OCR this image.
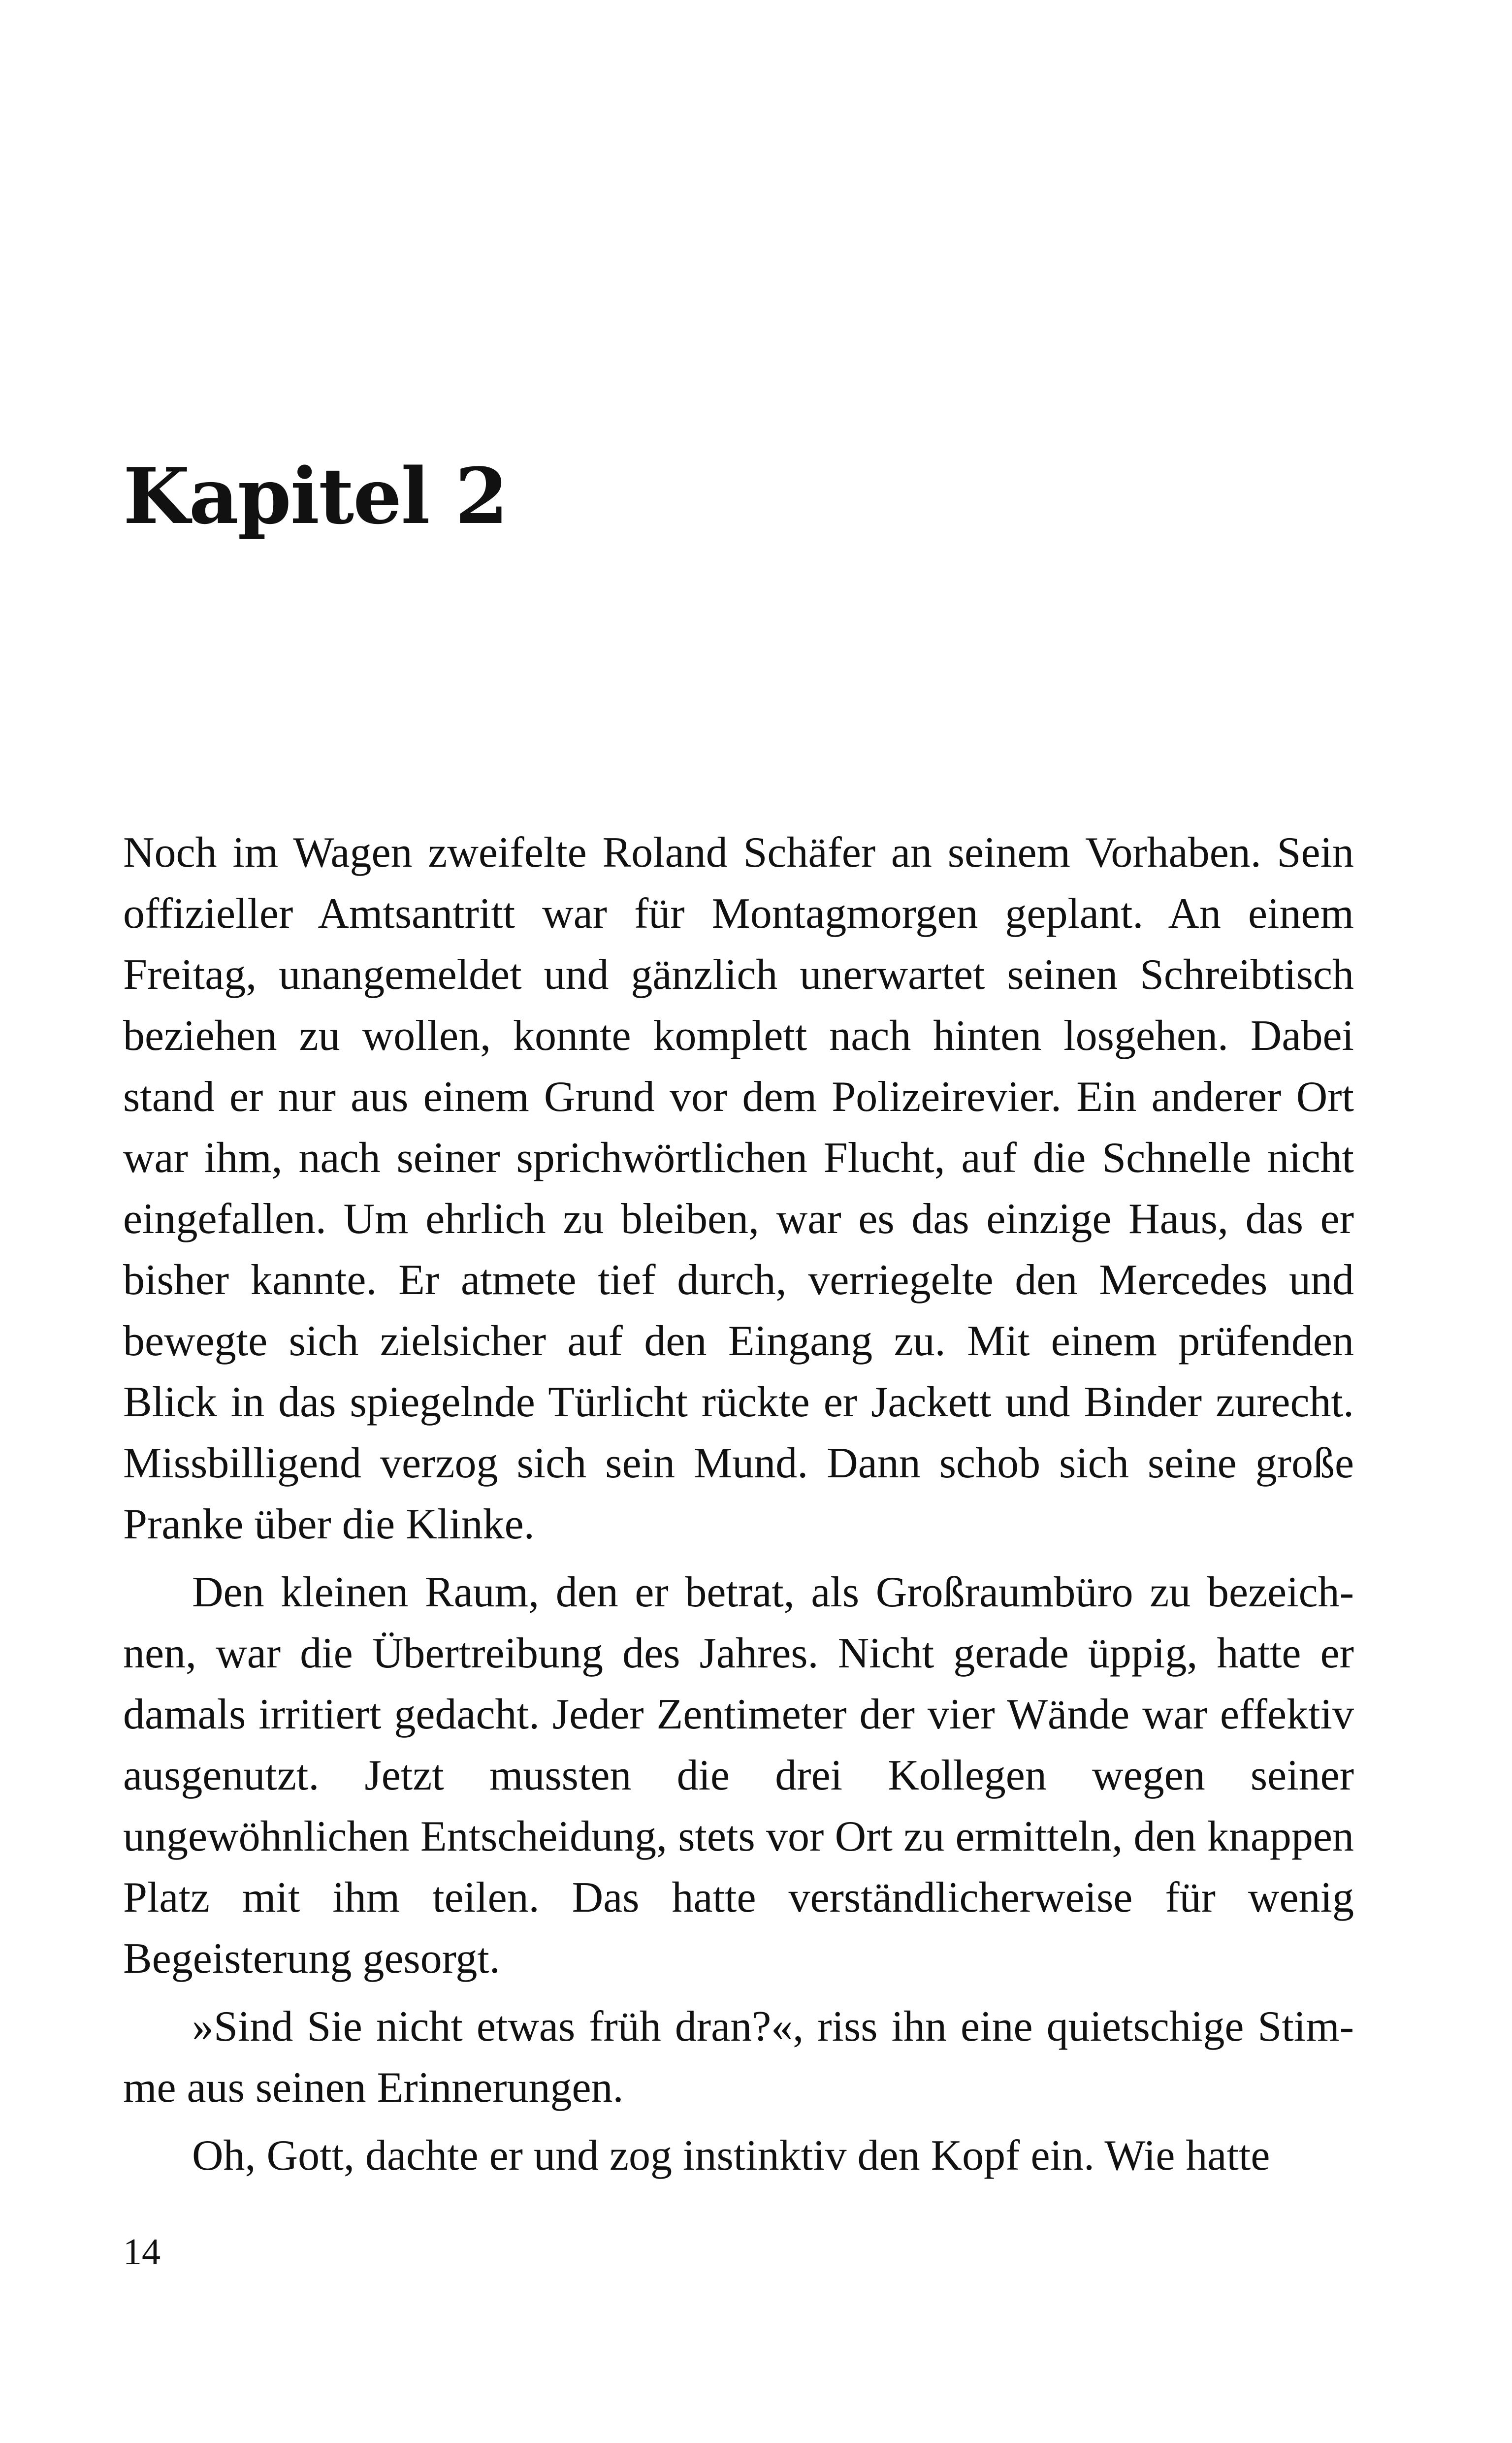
Kapitel 2

Noch im Wagen zweifelte Roland Schäfer an seinem Vorhaben. Sein offizieller Amtsantritt war für Montagmorgen geplant. An einem Freitag, unangemeldet und gänzlich unerwartet seinen Schreibtisch beziehen zu wollen, konnte komplett nach hinten losgehen. Dabei stand er nur aus einem Grund vor dem Polizeirevier. Ein anderer Ort war ihm, nach seiner sprichwörtlichen Flucht, auf die Schnelle nicht eingefallen. Um ehrlich zu bleiben, war es das einzige Haus, das er bisher kannte. Er atmete tief durch, verriegelte den Mercedes und bewegte sich zielsicher auf den Eingang zu. Mit einem prüfenden Blick in das spiegelnde Türlicht rückte er Jackett und Binder zurecht. Missbilligend verzog sich sein Mund. Dann schob sich seine große Pranke über die Klinke.

Den kleinen Raum, den er betrat, als Großraumbüro zu bezeichnen, war die Übertreibung des Jahres. Nicht gerade üppig, hatte er damals irritiert gedacht. Jeder Zentimeter der vier Wände war effektiv ausgenutzt. Jetzt mussten die drei Kollegen wegen seiner ungewöhnlichen Entscheidung, stets vor Ort zu ermitteln, den knappen Platz mit ihm teilen. Das hatte verständlicherweise für wenig Begeisterung gesorgt.

»Sind Sie nicht etwas früh dran?«, riss ihn eine quietschige Stimme aus seinen Erinnerungen.

Oh, Gott, dachte er und zog instinktiv den Kopf ein. Wie hatte

14
